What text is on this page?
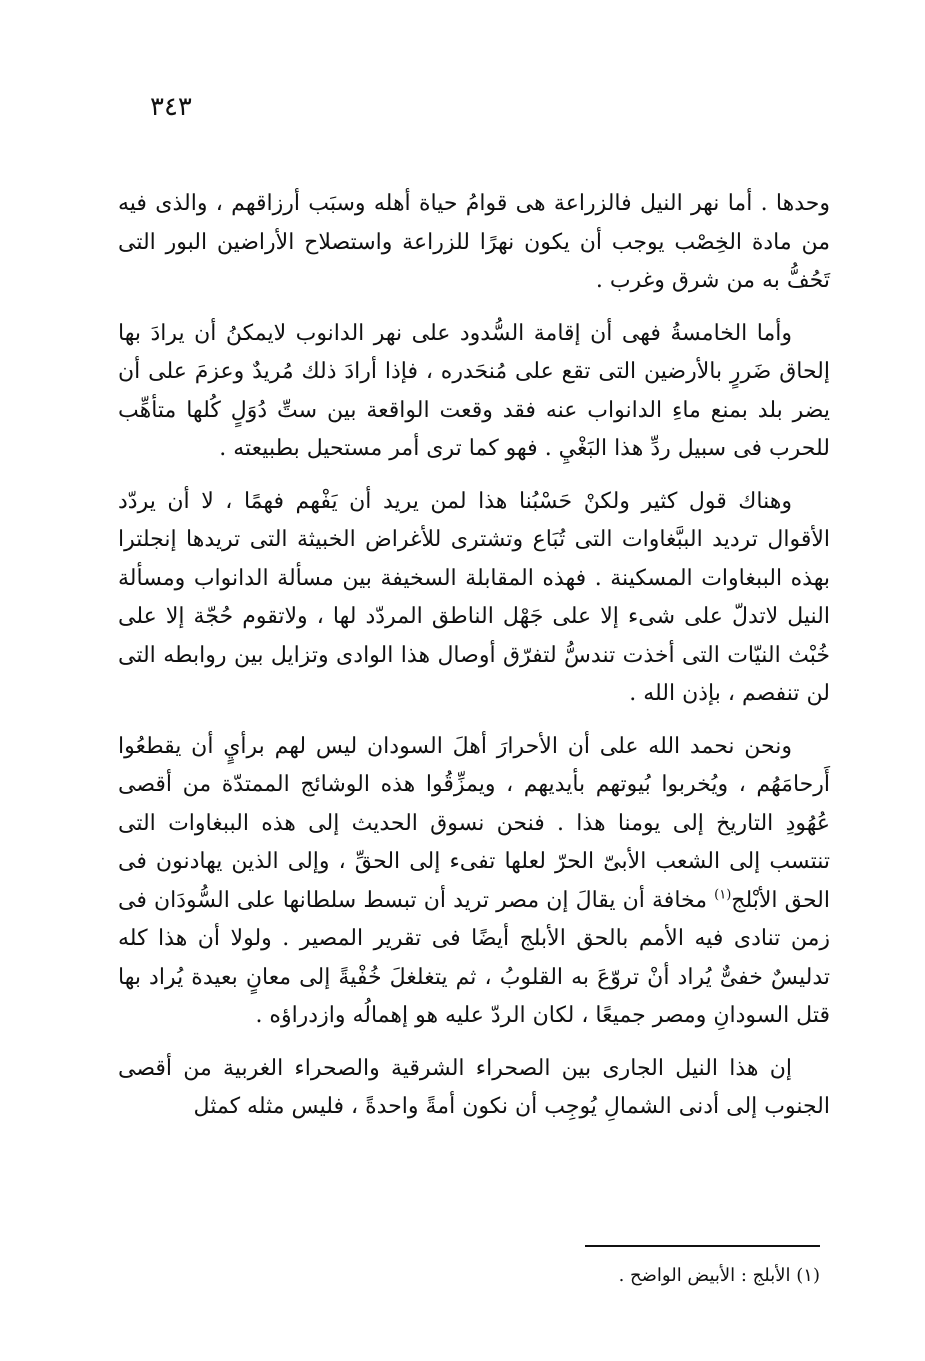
٣٤٣

وحدها . أما نهر النيل فالزراعة هى قوامُ حياة أهله وسبَب أرزاقهم ، والذى فيه من مادة الخِصْب يوجب أن يكون نهرًا للزراعة واستصلاح الأراضين البور التى تَحُفُّ به من شرق وغرب .

وأما الخامسةُ فهى أن إقامة السُّدود على نهر الدانوب لايمكنُ أن يرادَ بها إلحاق ضَررٍ بالأرضين التى تقع على مُنحَدره ، فإذا أرادَ ذلك مُريدٌ وعزمَ على أن يضر بلد بمنع ماءِ الدانواب عنه فقد وقعت الواقعة بين ستِّ دُوَلٍ كُلها متأهِّب للحرب فى سبيل ردِّ هذا البَغْيِ . فهو كما ترى أمر مستحيل بطبيعته .

وهناك قول كثير ولكنْ حَسْبُنا هذا لمن يريد أن يَفْهم فهمًا ، لا أن يردّد الأقوال ترديد الببَّغاوات التى تُبَاع وتشترى للأغراض الخبيثة التى تريدها إنجلترا بهذه الببغاوات المسكينة . فهذه المقابلة السخيفة بين مسألة الدانواب ومسألة النيل لاتدلّ على شىء إلا على جَهْل الناطق المردّد لها ، ولاتقوم حُجّة إلا على خُبْث النيّات التى أخذت تندسُّ لتفرّق أوصال هذا الوادى وتزايل بين روابطه التى لن تنفصم ، بإذن الله .

ونحن نحمد الله على أن الأحرارَ أهلَ السودان ليس لهم برأيٍ أن يقطعُوا أَرحامَهُم ، ويُخربوا بُيوتهم بأيديهم ، ويمزِّقُوا هذه الوشائج الممتدّة من أقصى عُهُودِ التاريخ إلى يومنا هذا . فنحن نسوق الحديث إلى هذه الببغاوات التى تنتسب إلى الشعب الأبىّ الحرّ لعلها تفىء إلى الحقِّ ، وإلى الذين يهادنون فى الحق الأبْلج$^{(١)}$ مخافة أن يقالَ إن مصر تريد أن تبسط سلطانها على السُّودَان فى زمن تنادى فيه الأمم بالحق الأبلج أيضًا فى تقرير المصير . ولولا أن هذا كله تدليسٌ خفىٌّ يُراد أنْ تروّعَ به القلوبُ ، ثم يتغلغلَ خُفْيةً إلى معانٍ بعيدة يُراد بها قتل السودانِ ومصر جميعًا ، لكان الردّ عليه هو إهمالُه وازدراؤه .

إن هذا النيل الجارى بين الصحراء الشرقية والصحراء الغربية من أقصى الجنوب إلى أدنى الشمالِ يُوجِب أن نكون أمةً واحدةً ، فليس مثله كمثل

(١) الأبلج : الأبيض الواضح .
